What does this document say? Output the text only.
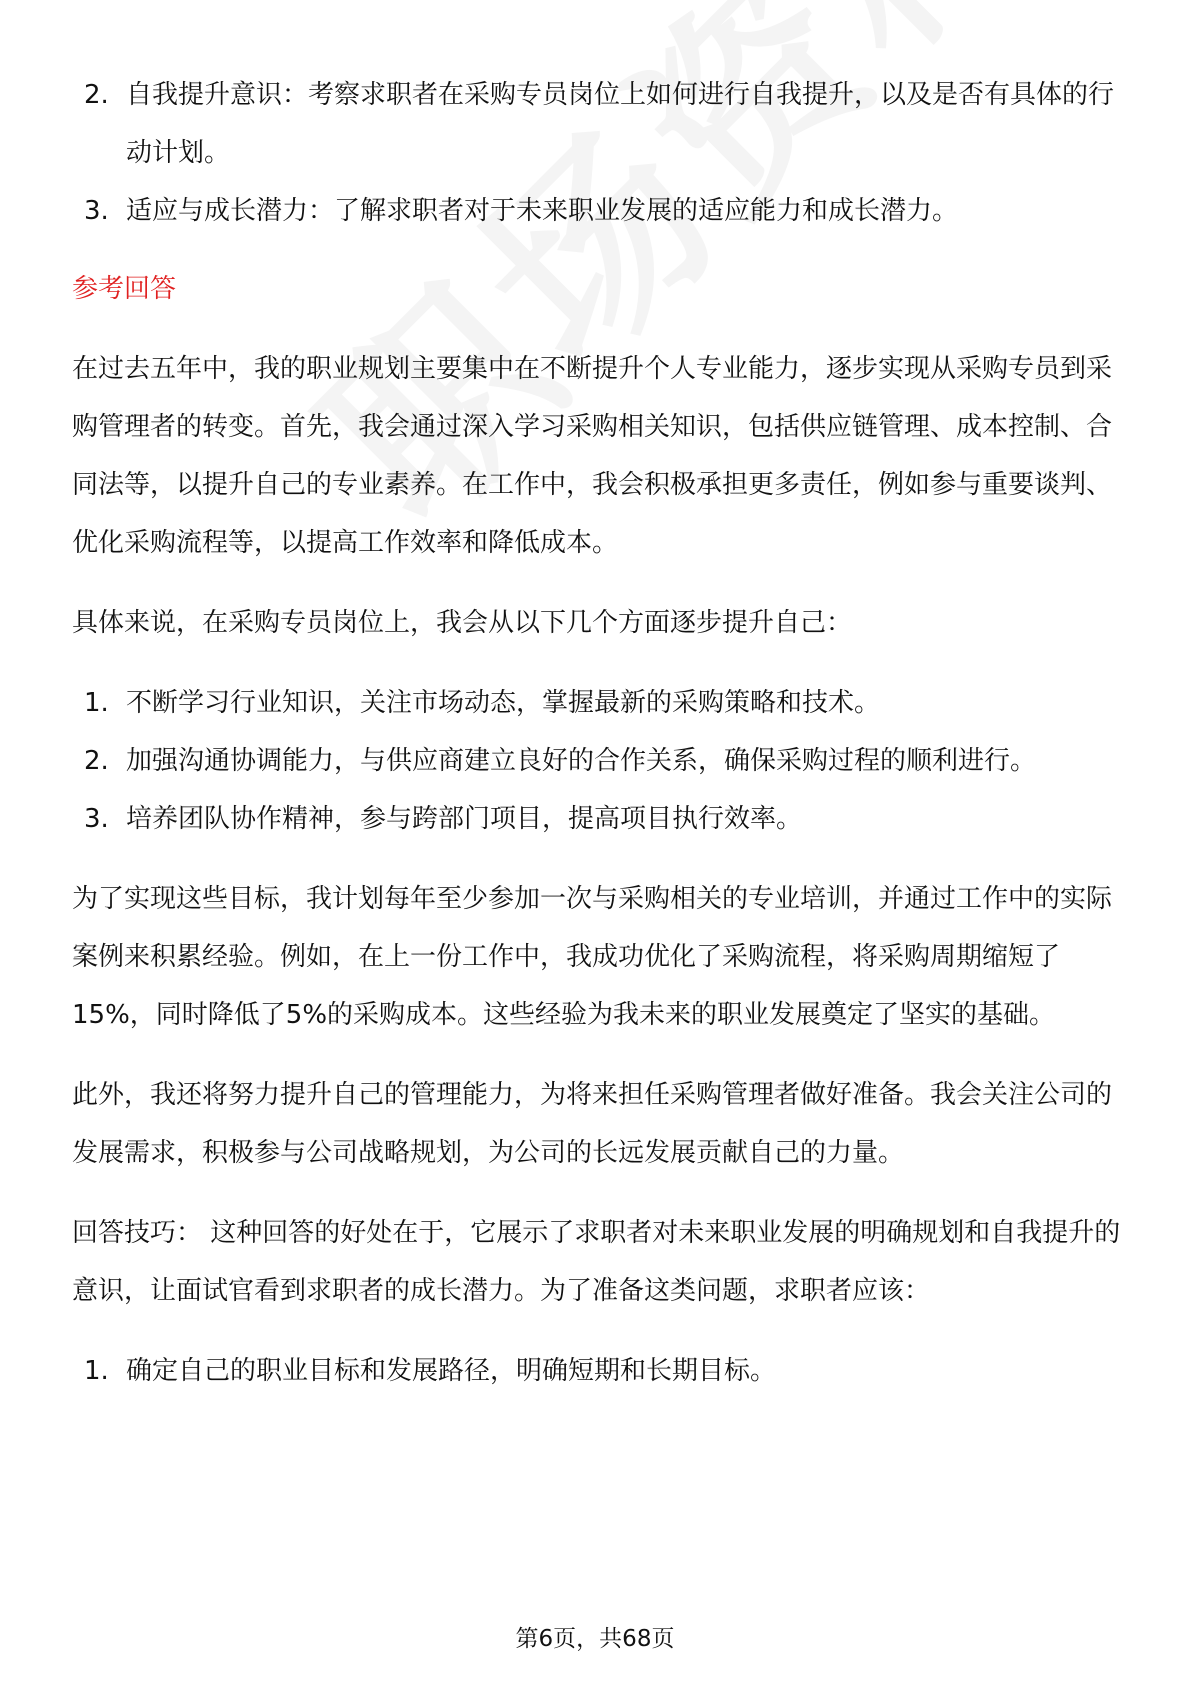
2. 自我提升意识：考察求职者在采购专员岗位上如何进行自我提升，以及是否有具体的行动计划。
3. 适应与成长潜力：了解求职者对于未来职业发展的适应能力和成长潜力。

参考回答

在过去五年中，我的职业规划主要集中在不断提升个人专业能力，逐步实现从采购专员到采购管理者的转变。首先，我会通过深入学习采购相关知识，包括供应链管理、成本控制、合同法等，以提升自己的专业素养。在工作中，我会积极承担更多责任，例如参与重要谈判、优化采购流程等，以提高工作效率和降低成本。

具体来说，在采购专员岗位上，我会从以下几个方面逐步提升自己：

1. 不断学习行业知识，关注市场动态，掌握最新的采购策略和技术。
2. 加强沟通协调能力，与供应商建立良好的合作关系，确保采购过程的顺利进行。
3. 培养团队协作精神，参与跨部门项目，提高项目执行效率。

为了实现这些目标，我计划每年至少参加一次与采购相关的专业培训，并通过工作中的实际案例来积累经验。例如，在上一份工作中，我成功优化了采购流程，将采购周期缩短了15%，同时降低了5%的采购成本。这些经验为我未来的职业发展奠定了坚实的基础。

此外，我还将努力提升自己的管理能力，为将来担任采购管理者做好准备。我会关注公司的发展需求，积极参与公司战略规划，为公司的长远发展贡献自己的力量。

回答技巧： 这种回答的好处在于，它展示了求职者对未来职业发展的明确规划和自我提升的意识，让面试官看到求职者的成长潜力。为了准备这类问题，求职者应该：

1. 确定自己的职业目标和发展路径，明确短期和长期目标。
第6页，共68页
